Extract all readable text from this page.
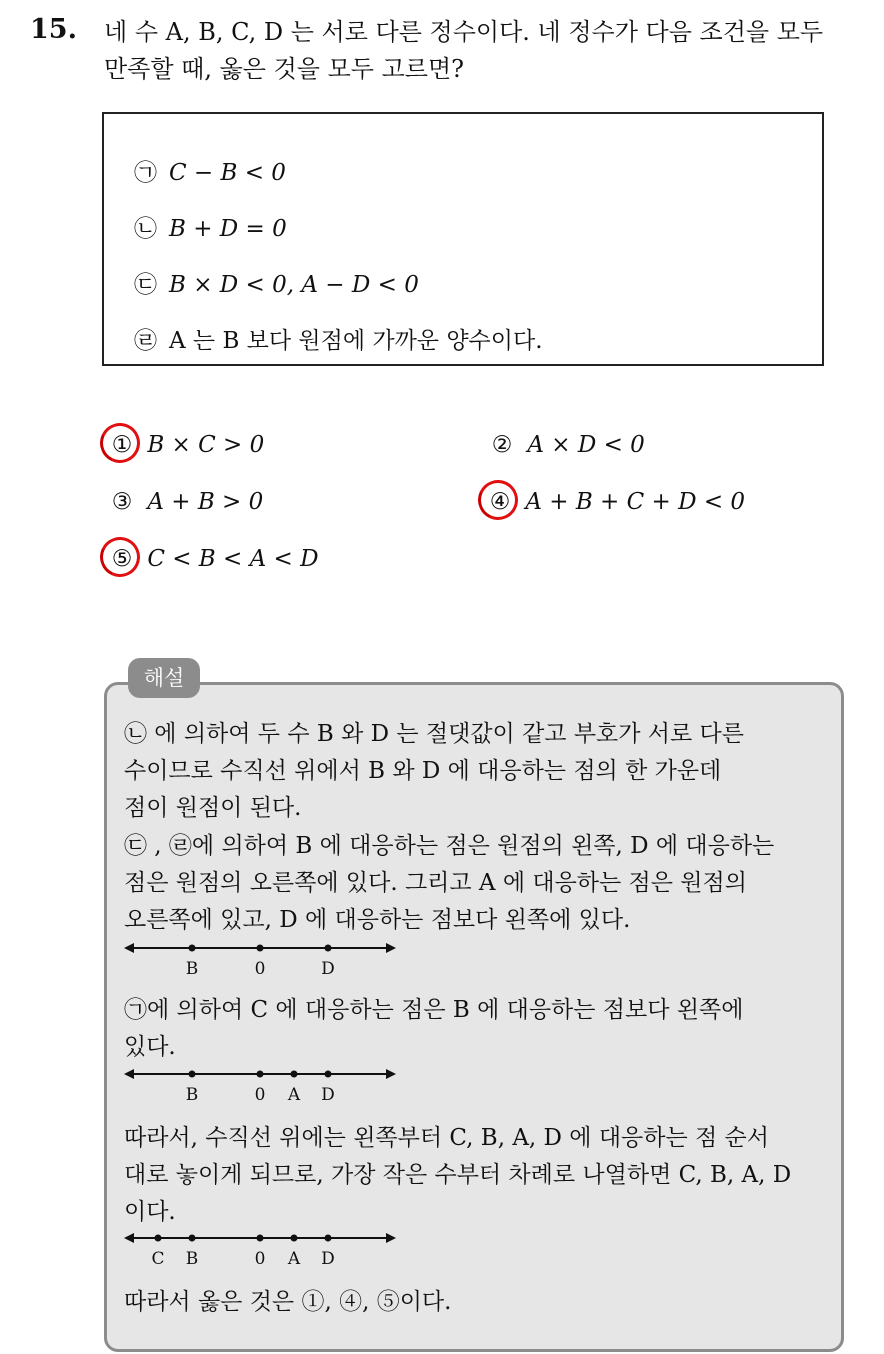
15. 네 수 A, B, C, D 는 서로 다른 정수이다. 네 정수가 다음 조건을 모두
만족할 때, 옳은 것을 모두 고르면?
㉠ C − B < 0
㉡ B + D = 0
㉢ B × D < 0, A − D < 0
㉣ A 는 B 보다 원점에 가까운 양수이다.
① B × C > 0	② A × D < 0
③ A + B > 0	④ A + B + C + D < 0
⑤ C < B < A < D
해설
㉡ 에 의하여 두 수 B 와 D 는 절댓값이 같고 부호가 서로 다른
수이므로 수직선 위에서 B 와 D 에 대응하는 점의 한 가운데
점이 원점이 된다.
㉢ , ㉣에 의하여 B 에 대응하는 점은 원점의 왼쪽, D 에 대응하는
점은 원점의 오른쪽에 있다. 그리고 A 에 대응하는 점은 원점의
오른쪽에 있고, D 에 대응하는 점보다 왼쪽에 있다.
B	0	D
㉠에 의하여 C 에 대응하는 점은 B 에 대응하는 점보다 왼쪽에
있다.
B	0 A D
따라서, 수직선 위에는 왼쪽부터 C, B, A, D 에 대응하는 점 순서
대로 놓이게 되므로, 가장 작은 수부터 차례로 나열하면 C, B, A, D
이다.
C B	0 A D
따라서 옳은 것은 ①, ④, ⑤이다.
